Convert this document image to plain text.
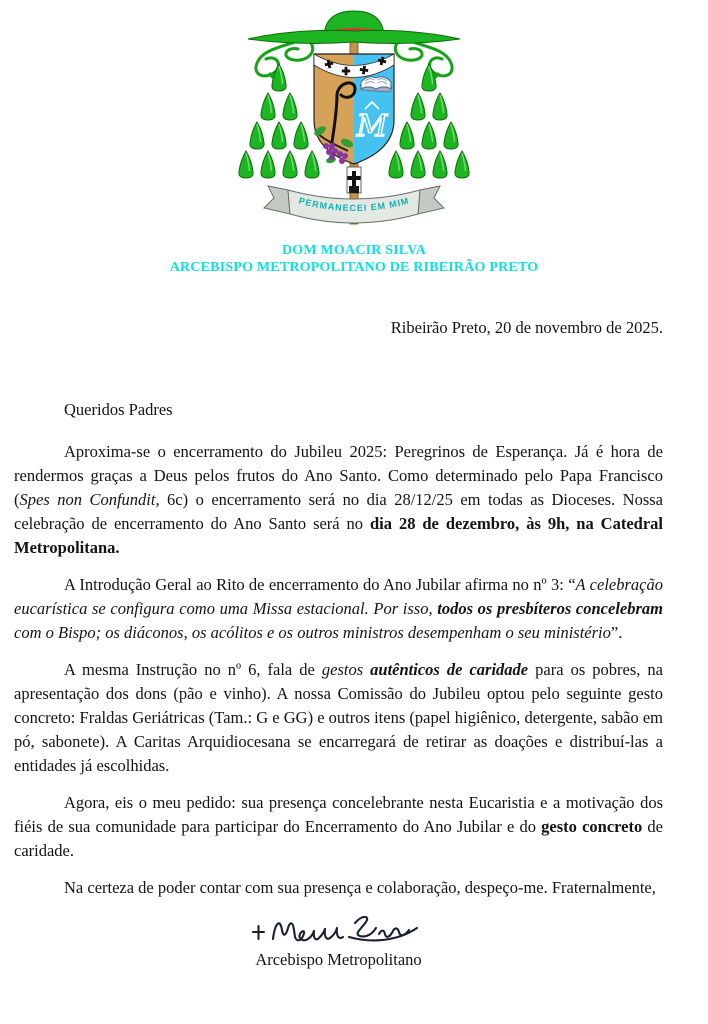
M
PERMANECEI EM MIM
DOM MOACIR SILVA
ARCEBISPO METROPOLITANO DE RIBEIRÃO PRETO
Ribeirão Preto, 20 de novembro de 2025.
Queridos Padres

Aproxima-se o encerramento do Jubileu 2025: Peregrinos de Esperança. Já é hora de rendermos graças a Deus pelos frutos do Ano Santo. Como determinado pelo Papa Francisco (Spes non Confundit, 6c) o encerramento será no dia 28/12/25 em todas as Dioceses. Nossa celebração de encerramento do Ano Santo será no dia 28 de dezembro, às 9h, na Catedral Metropolitana.

A Introdução Geral ao Rito de encerramento do Ano Jubilar afirma no nº 3: “A celebração eucarística se configura como uma Missa estacional. Por isso, todos os presbíteros concelebram com o Bispo; os diáconos, os acólitos e os outros ministros desempenham o seu ministério”.

A mesma Instrução no nº 6, fala de gestos autênticos de caridade para os pobres, na apresentação dos dons (pão e vinho). A nossa Comissão do Jubileu optou pelo seguinte gesto concreto: Fraldas Geriátricas (Tam.: G e GG) e outros itens (papel higiênico, detergente, sabão em pó, sabonete). A Caritas Arquidiocesana se encarregará de retirar as doações e distribuí-las a entidades já escolhidas.

Agora, eis o meu pedido: sua presença concelebrante nesta Eucaristia e a motivação dos fiéis de sua comunidade para participar do Encerramento do Ano Jubilar e do gesto concreto de caridade.

Na certeza de poder contar com sua presença e colaboração, despeço-me. Fraternalmente,

Arcebispo Metropolitano
